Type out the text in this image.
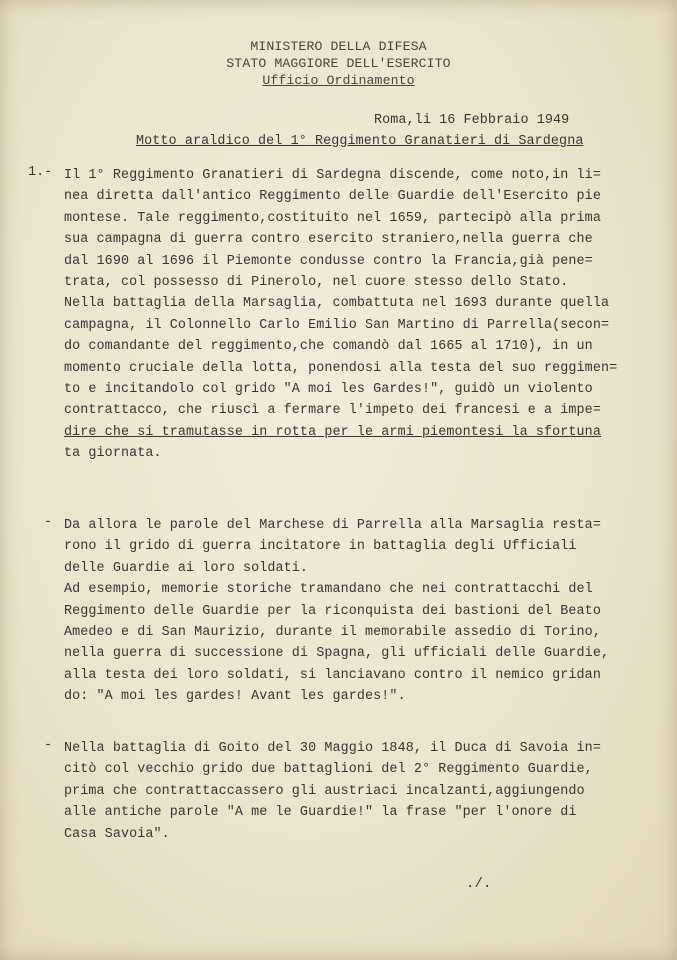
MINISTERO DELLA DIFESA
STATO MAGGIORE DELL'ESERCITO
Ufficio Ordinamento
Roma,li 16 Febbraio 1949
Motto araldico del 1° Reggimento Granatieri di Sardegna
1.-
-
-
Il 1° Reggimento Granatieri di Sardegna discende, come noto,in li=
nea diretta dall'antico Reggimento delle Guardie dell'Esercito pie
montese. Tale reggimento,costituito nel 1659, partecipò alla prima
sua campagna di guerra contro esercito straniero,nella guerra che
dal 1690 al 1696 il Piemonte condusse contro la Francia,già pene=
trata, col possesso di Pinerolo, nel cuore stesso dello Stato.
Nella battaglia della Marsaglia, combattuta nel 1693 durante quella
campagna, il Colonnello Carlo Emilio San Martino di Parrella(secon=
do comandante del reggimento,che comandò dal 1665 al 1710), in un
momento cruciale della lotta, ponendosi alla testa del suo reggimen=
to e incitandolo col grido "A moi les Gardes!", guidò un violento
contrattacco, che riuscì a fermare l'impeto dei francesi e a impe=
dire che si tramutasse in rotta per le armi piemontesi la sfortuna
ta giornata.
Da allora le parole del Marchese di Parrella alla Marsaglia resta=
rono il grido di guerra incitatore in battaglia degli Ufficiali
delle Guardie ai loro soldati.
Ad esempio, memorie storiche tramandano che nei contrattacchi del
Reggimento delle Guardie per la riconquista dei bastioni del Beato
Amedeo e di San Maurizio, durante il memorabile assedio di Torino,
nella guerra di successione di Spagna, gli ufficiali delle Guardie,
alla testa dei loro soldati, si lanciavano contro il nemico gridan
do: "A moi les gardes! Avant les gardes!".
Nella battaglia di Goito del 30 Maggio 1848, il Duca di Savoia in=
citò col vecchio grido due battaglioni del 2° Reggimento Guardie,
prima che contrattaccassero gli austriaci incalzanti,aggiungendo
alle antiche parole "A me le Guardie!" la frase "per l'onore di
Casa Savoia".
./.
